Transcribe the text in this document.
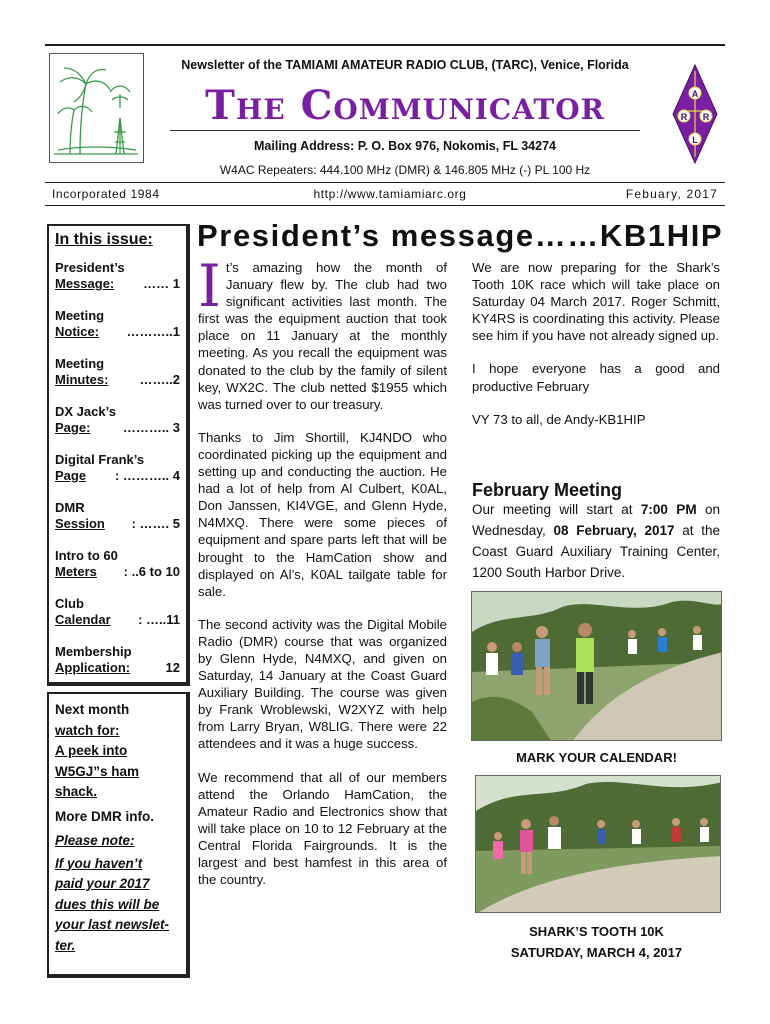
Newsletter of the TAMIAMI AMATEUR RADIO CLUB, (TARC), Venice, Florida
The Communicator
Mailing Address: P. O. Box 976, Nokomis, FL 34274
W4AC Repeaters: 444.100 MHz (DMR) & 146.805 MHz (-) PL 100 Hz
A
R R
L
Incorporated 1984	http://www.tamiamiarc.org	Febuary, 2017
In this issue:
President’s
Message: …… 1
Meeting
Notice: ………..1
Meeting
Minutes: ……..2
DX Jack’s
Page:	……….. 3
Digital Frank’s
Page : ……….. 4
DMR
Session : ……. 5
Intro to 60
Meters : ..6 to 10
Club
Calendar : …..11
Membership
Application:	12
Next month
watch for:
A peek into
W5GJ”s ham
shack.
More DMR info.
Please note:
If you haven’t
paid your 2017
dues this will be
your last newslet-
ter.
President’s message……KB1HIP

It’s amazing how the month of January flew by. The club had two significant activities last month. The first was the equipment auction that took place on 11 January at the monthly meeting. As you recall the equipment was donated to the club by the family of silent key, WX2C. The club netted $1955 which was turned over to our treasury.

Thanks to Jim Shortill, KJ4NDO who coordinated picking up the equipment and setting up and conducting the auction. He had a lot of help from Al Culbert, K0AL, Don Janssen, KI4VGE, and Glenn Hyde, N4MXQ. There were some pieces of equipment and spare parts left that will be brought to the HamCation show and displayed on Al’s, K0AL tailgate table for sale.

The second activity was the Digital Mobile Radio (DMR) course that was organized by Glenn Hyde, N4MXQ, and given on Saturday, 14 January at the Coast Guard Auxiliary Building. The course was given by Frank Wroblewski, W2XYZ with help from Larry Bryan, W8LIG. There were 22 attendees and it was a huge success.

We recommend that all of our members attend the Orlando HamCation, the Amateur Radio and Electronics show that will take place on 10 to 12 February at the Central Florida Fairgrounds. It is the largest and best hamfest in this area of the country.

We are now preparing for the Shark’s Tooth 10K race which will take place on Saturday 04 March 2017. Roger Schmitt, KY4RS is coordinating this activity. Please see him if you have not already signed up.

I hope everyone has a good and productive February

VY 73 to all, de Andy-KB1HIP

February Meeting
Our meeting will start at 7:00 PM on Wednesday, 08 February, 2017 at the Coast Guard Auxiliary Training Center, 1200 South Harbor Drive.
MARK YOUR CALENDAR!
SHARK’S TOOTH 10K
SATURDAY, MARCH 4, 2017
